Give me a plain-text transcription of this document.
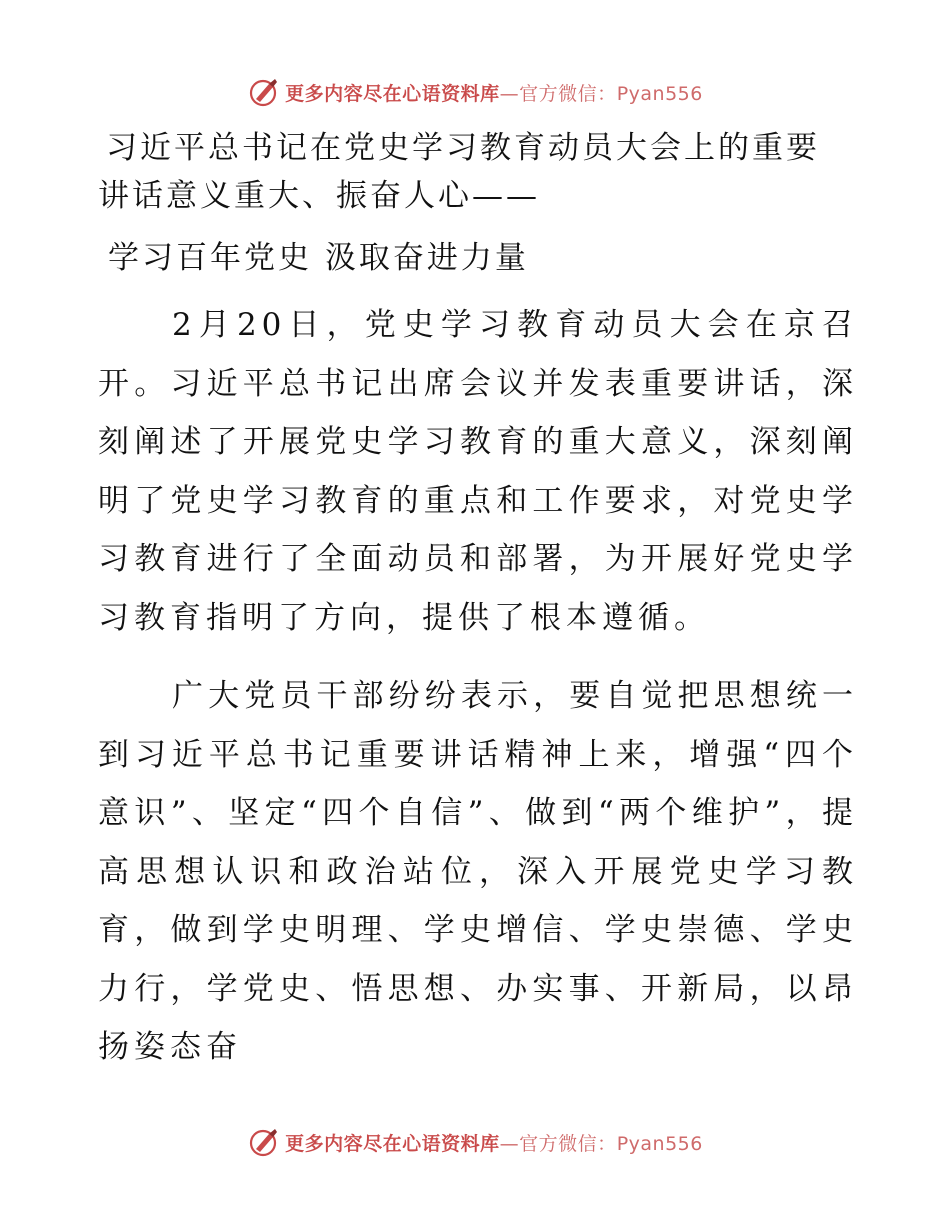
更多内容尽在心语资料库—官方微信：Pyan556
习近平总书记在党史学习教育动员大会上的重要
讲话意义重大、振奋人心——
学习百年党史 汲取奋进力量

2月20日，党史学习教育动员大会在京召开。习近平总书记出席会议并发表重要讲话，深刻阐述了开展党史学习教育的重大意义，深刻阐明了党史学习教育的重点和工作要求，对党史学习教育进行了全面动员和部署，为开展好党史学习教育指明了方向，提供了根本遵循。

广大党员干部纷纷表示，要自觉把思想统一到习近平总书记重要讲话精神上来，增强“四个意识”、坚定“四个自信”、做到“两个维护”，提高思想认识和政治站位，深入开展党史学习教育，做到学史明理、学史增信、学史崇德、学史力行，学党史、悟思想、办实事、开新局，以昂扬姿态奋

更多内容尽在心语资料库—官方微信：Pyan556
